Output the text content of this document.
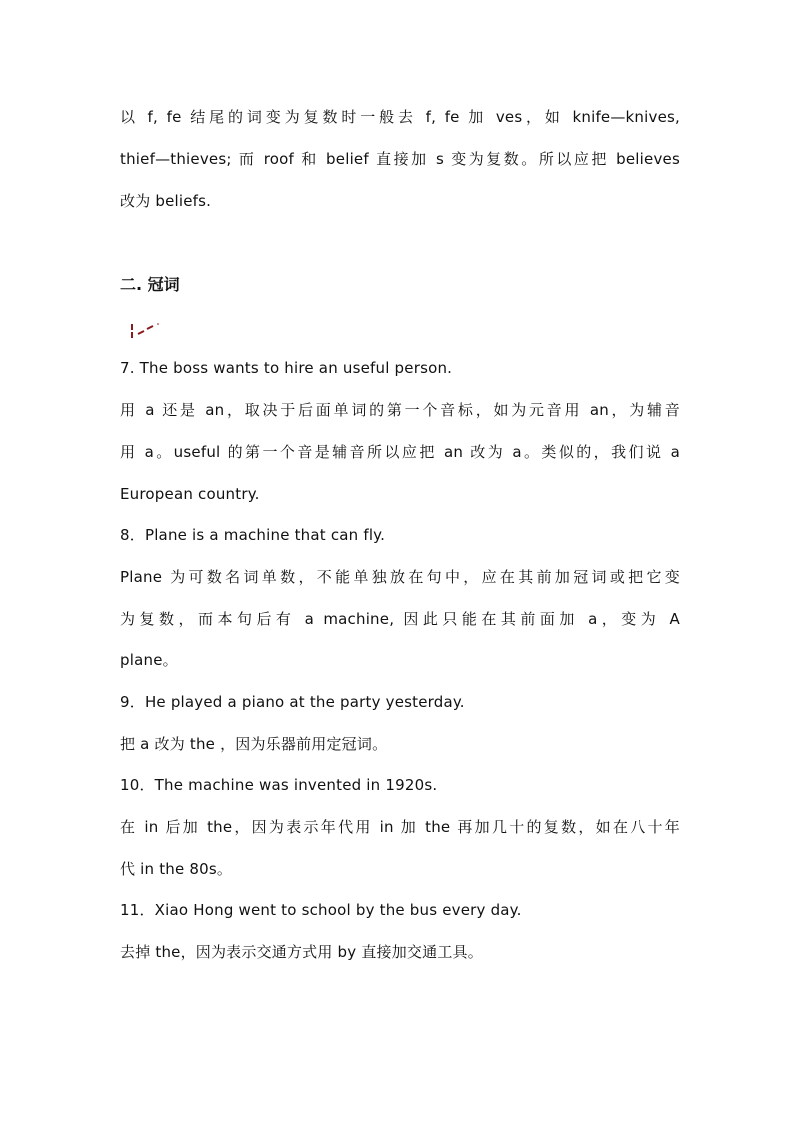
以 f, fe 结尾的词变为复数时一般去 f, fe 加 ves，如 knife—knives,
thief—thieves; 而 roof 和 belief 直接加 s 变为复数。所以应把 believes
改为 beliefs.
二. 冠词
7. The boss wants to hire an useful person.
用 a 还是 an，取决于后面单词的第一个音标，如为元音用 an，为辅音
用 a。useful 的第一个音是辅音所以应把 an 改为 a。类似的，我们说 a
European country.
8．Plane is a machine that can fly.
Plane 为可数名词单数，不能单独放在句中，应在其前加冠词或把它变
为复数，而本句后有 a machine, 因此只能在其前面加 a，变为 A
plane。
9．He played a piano at the party yesterday.
把 a 改为 the ，因为乐器前用定冠词。
10．The machine was invented in 1920s.
在 in 后加 the，因为表示年代用 in 加 the 再加几十的复数，如在八十年
代 in the 80s。
11．Xiao Hong went to school by the bus every day.
去掉 the，因为表示交通方式用 by 直接加交通工具。
